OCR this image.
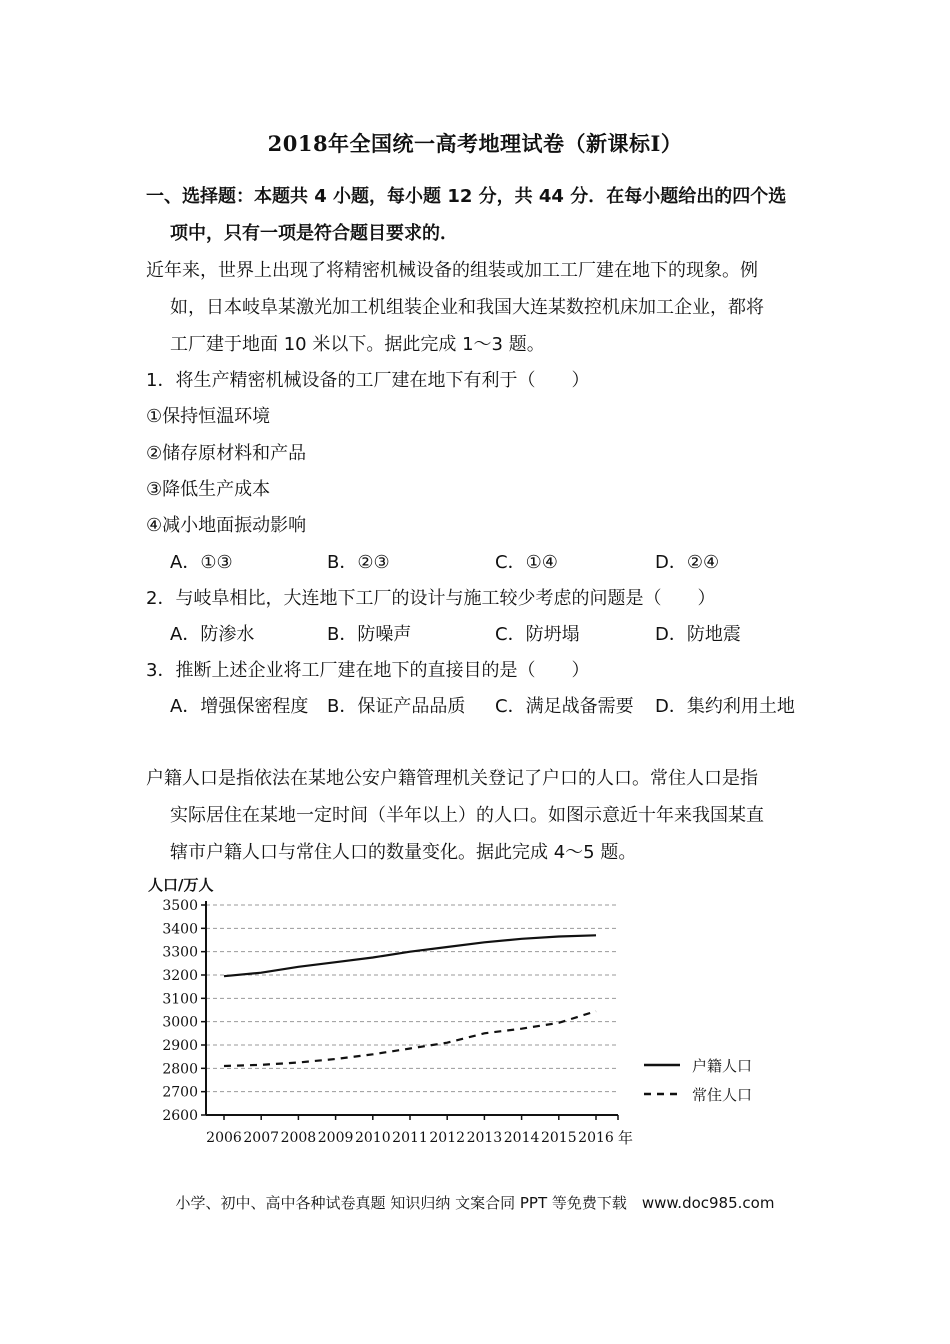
2018年全国统一高考地理试卷（新课标I）
一、选择题：本题共 4 小题，每小题 12 分，共 44 分．在每小题给出的四个选
项中，只有一项是符合题目要求的．
近年来，世界上出现了将精密机械设备的组装或加工工厂建在地下的现象。例
如，日本岐阜某激光加工机组装企业和我国大连某数控机床加工企业，都将
工厂建于地面 10 米以下。据此完成 1～3 题。
1．将生产精密机械设备的工厂建在地下有利于（　　）
①保持恒温环境
②储存原材料和产品
③降低生产成本
④减小地面振动影响
A．①③	B．②③	C．①④	D．②④
2．与岐阜相比，大连地下工厂的设计与施工较少考虑的问题是（　　）
A．防渗水	B．防噪声	C．防坍塌	D．防地震
3．推断上述企业将工厂建在地下的直接目的是（　　）
A．增强保密程度 B．保证产品品质 C．满足战备需要 D．集约利用土地
户籍人口是指依法在某地公安户籍管理机关登记了户口的人口。常住人口是指
实际居住在某地一定时间（半年以上）的人口。如图示意近十年来我国某直
辖市户籍人口与常住人口的数量变化。据此完成 4～5 题。
人口/万人
2600
2700
2800
2900
3000
3100
3200
3300
3400
3500
2006 2007 2008 2009 2010 2011 2012 2013 2014 2015 2016
户籍人口
常住人口
年
小学、初中、高中各种试卷真题 知识归纳 文案合同 PPT 等免费下载　www.doc985.com
